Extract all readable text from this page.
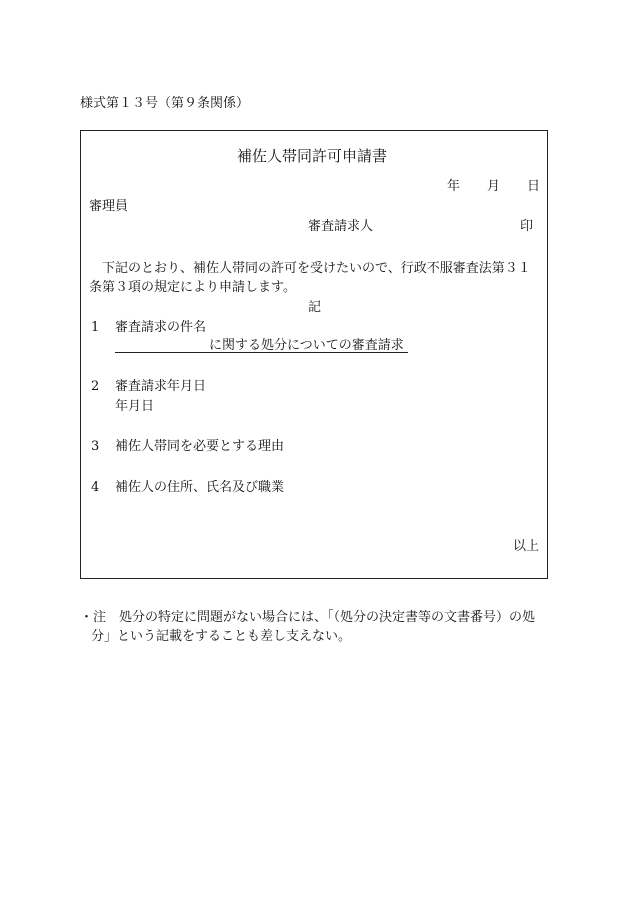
様式第１３号（第９条関係）
補佐人帯同許可申請書
年 月 日
審理員
審査請求人	印
下記のとおり、補佐人帯同の許可を受けたいので、行政不服審査法第３１
条第３項の規定により申請します。
記
1 審査請求の件名
に関する処分についての審査請求
2 審査請求年月日
年月日
3 補佐人帯同を必要とする理由
4 補佐人の住所、氏名及び職業
以上
・注　処分の特定に問題がない場合には、「（処分の決定書等の文書番号）の処
分」という記載をすることも差し支えない。
